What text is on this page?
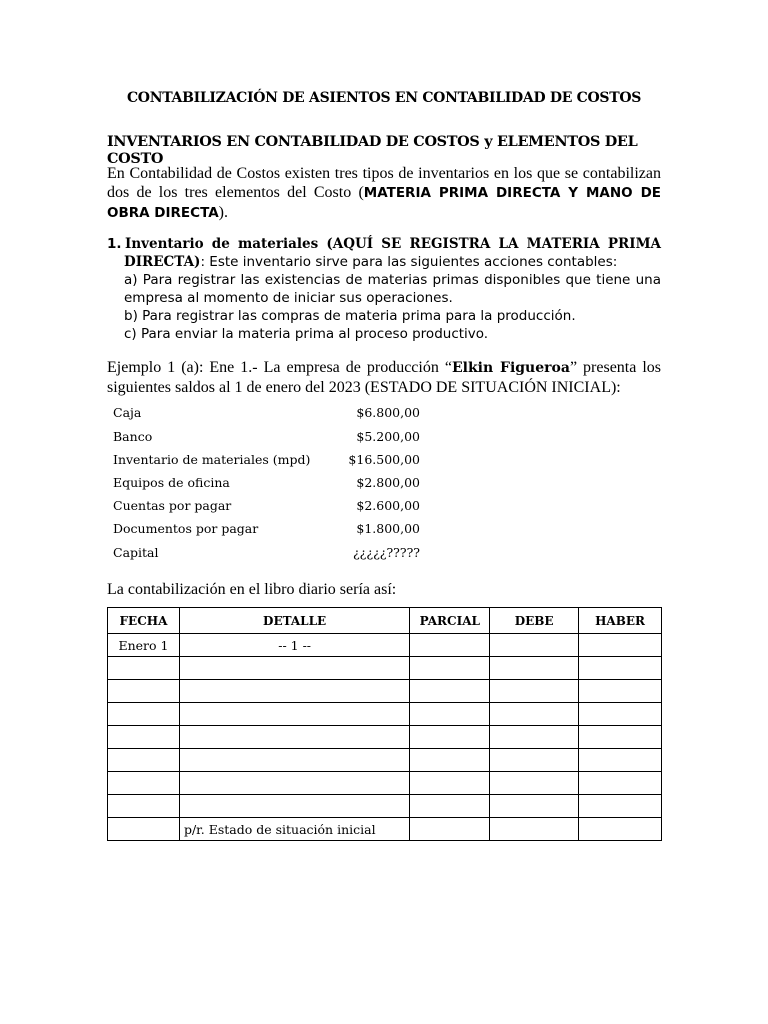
CONTABILIZACIÓN DE ASIENTOS EN CONTABILIDAD DE COSTOS
INVENTARIOS EN CONTABILIDAD DE COSTOS y ELEMENTOS DEL COSTO
En Contabilidad de Costos existen tres tipos de inventarios en los que se contabilizan dos de los tres elementos del Costo (MATERIA PRIMA DIRECTA Y MANO DE OBRA DIRECTA).
1. Inventario de materiales (AQUÍ SE REGISTRA LA MATERIA PRIMA
DIRECTA): Este inventario sirve para las siguientes acciones contables:
a) Para registrar las existencias de materias primas disponibles que tiene una empresa al momento de iniciar sus operaciones.
b) Para registrar las compras de materia prima para la producción.
c) Para enviar la materia prima al proceso productivo.
Ejemplo 1 (a): Ene 1.- La empresa de producción “Elkin Figueroa” presenta los siguientes saldos al 1 de enero del 2023 (ESTADO DE SITUACIÓN INICIAL):
Caja	$6.800,00
Banco	$5.200,00
Inventario de materiales (mpd)	$16.500,00
Equipos de oficina	$2.800,00
Cuentas por pagar	$2.600,00
Documentos por pagar	$1.800,00
Capital	¿¿¿¿¿?????
La contabilización en el libro diario sería así:
FECHA	DETALLE	PARCIAL	DEBE	HABER
Enero 1	-- 1 --			

	p/r. Estado de situación inicial			
